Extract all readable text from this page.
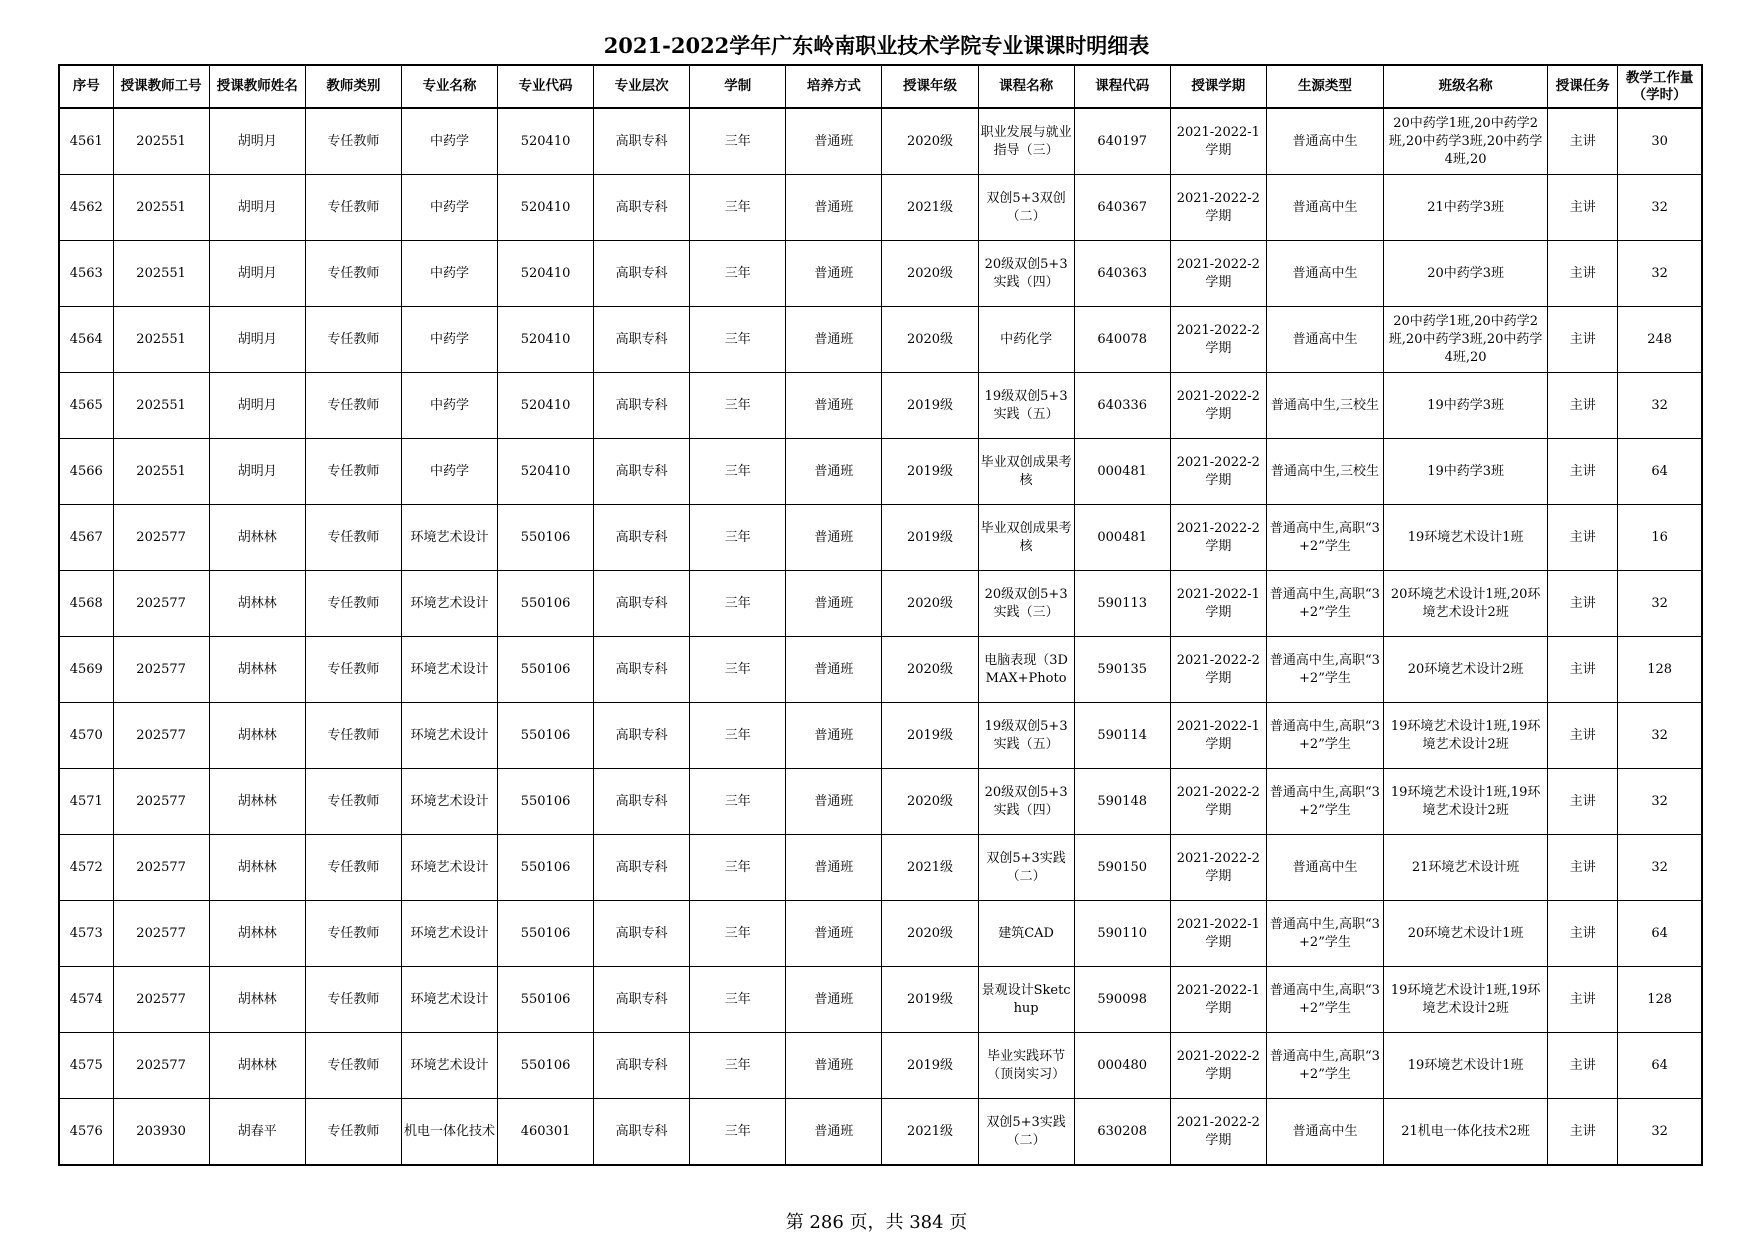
2021-2022学年广东岭南职业技术学院专业课课时明细表
序号	授课教师工号	授课教师姓名	教师类别	专业名称	专业代码	专业层次	学制	培养方式	授课年级	课程名称	课程代码	授课学期	生源类型	班级名称	授课任务	教学工作量（学时）

4561	202551	胡明月	专任教师	中药学	520410	高职专科	三年	普通班	2020级	职业发展与就业指导（三）	640197	2021-2022-1学期	普通高中生	20中药学1班,20中药学2班,20中药学3班,20中药学4班,20	主讲	30

4562	202551	胡明月	专任教师	中药学	520410	高职专科	三年	普通班	2021级	双创5+3双创（二）	640367	2021-2022-2学期	普通高中生	21中药学3班	主讲	32

4563	202551	胡明月	专任教师	中药学	520410	高职专科	三年	普通班	2020级	20级双创5+3实践（四）	640363	2021-2022-2学期	普通高中生	20中药学3班	主讲	32

4564	202551	胡明月	专任教师	中药学	520410	高职专科	三年	普通班	2020级	中药化学	640078	2021-2022-2学期	普通高中生	20中药学1班,20中药学2班,20中药学3班,20中药学4班,20	主讲	248

4565	202551	胡明月	专任教师	中药学	520410	高职专科	三年	普通班	2019级	19级双创5+3实践（五）	640336	2021-2022-2学期	普通高中生,三校生	19中药学3班	主讲	32

4566	202551	胡明月	专任教师	中药学	520410	高职专科	三年	普通班	2019级	毕业双创成果考核	000481	2021-2022-2学期	普通高中生,三校生	19中药学3班	主讲	64

4567	202577	胡林林	专任教师	环境艺术设计	550106	高职专科	三年	普通班	2019级	毕业双创成果考核	000481	2021-2022-2学期	普通高中生,高职“3+2”学生	19环境艺术设计1班	主讲	16

4568	202577	胡林林	专任教师	环境艺术设计	550106	高职专科	三年	普通班	2020级	20级双创5+3实践（三）	590113	2021-2022-1学期	普通高中生,高职“3+2”学生	20环境艺术设计1班,20环境艺术设计2班	主讲	32

4569	202577	胡林林	专任教师	环境艺术设计	550106	高职专科	三年	普通班	2020级	电脑表现（3DMAX+Photo	590135	2021-2022-2学期	普通高中生,高职“3+2”学生	20环境艺术设计2班	主讲	128

4570	202577	胡林林	专任教师	环境艺术设计	550106	高职专科	三年	普通班	2019级	19级双创5+3实践（五）	590114	2021-2022-1学期	普通高中生,高职“3+2”学生	19环境艺术设计1班,19环境艺术设计2班	主讲	32

4571	202577	胡林林	专任教师	环境艺术设计	550106	高职专科	三年	普通班	2020级	20级双创5+3实践（四）	590148	2021-2022-2学期	普通高中生,高职“3+2”学生	19环境艺术设计1班,19环境艺术设计2班	主讲	32

4572	202577	胡林林	专任教师	环境艺术设计	550106	高职专科	三年	普通班	2021级	双创5+3实践（二）	590150	2021-2022-2学期	普通高中生	21环境艺术设计班	主讲	32

4573	202577	胡林林	专任教师	环境艺术设计	550106	高职专科	三年	普通班	2020级	建筑CAD	590110	2021-2022-1学期	普通高中生,高职“3+2”学生	20环境艺术设计1班	主讲	64

4574	202577	胡林林	专任教师	环境艺术设计	550106	高职专科	三年	普通班	2019级	景观设计Sketchup	590098	2021-2022-1学期	普通高中生,高职“3+2”学生	19环境艺术设计1班,19环境艺术设计2班	主讲	128

4575	202577	胡林林	专任教师	环境艺术设计	550106	高职专科	三年	普通班	2019级	毕业实践环节（顶岗实习）	000480	2021-2022-2学期	普通高中生,高职“3+2”学生	19环境艺术设计1班	主讲	64

4576	203930	胡春平	专任教师	机电一体化技术	460301	高职专科	三年	普通班	2021级	双创5+3实践（二）	630208	2021-2022-2学期	普通高中生	21机电一体化技术2班	主讲	32
第 286 页，共 384 页
